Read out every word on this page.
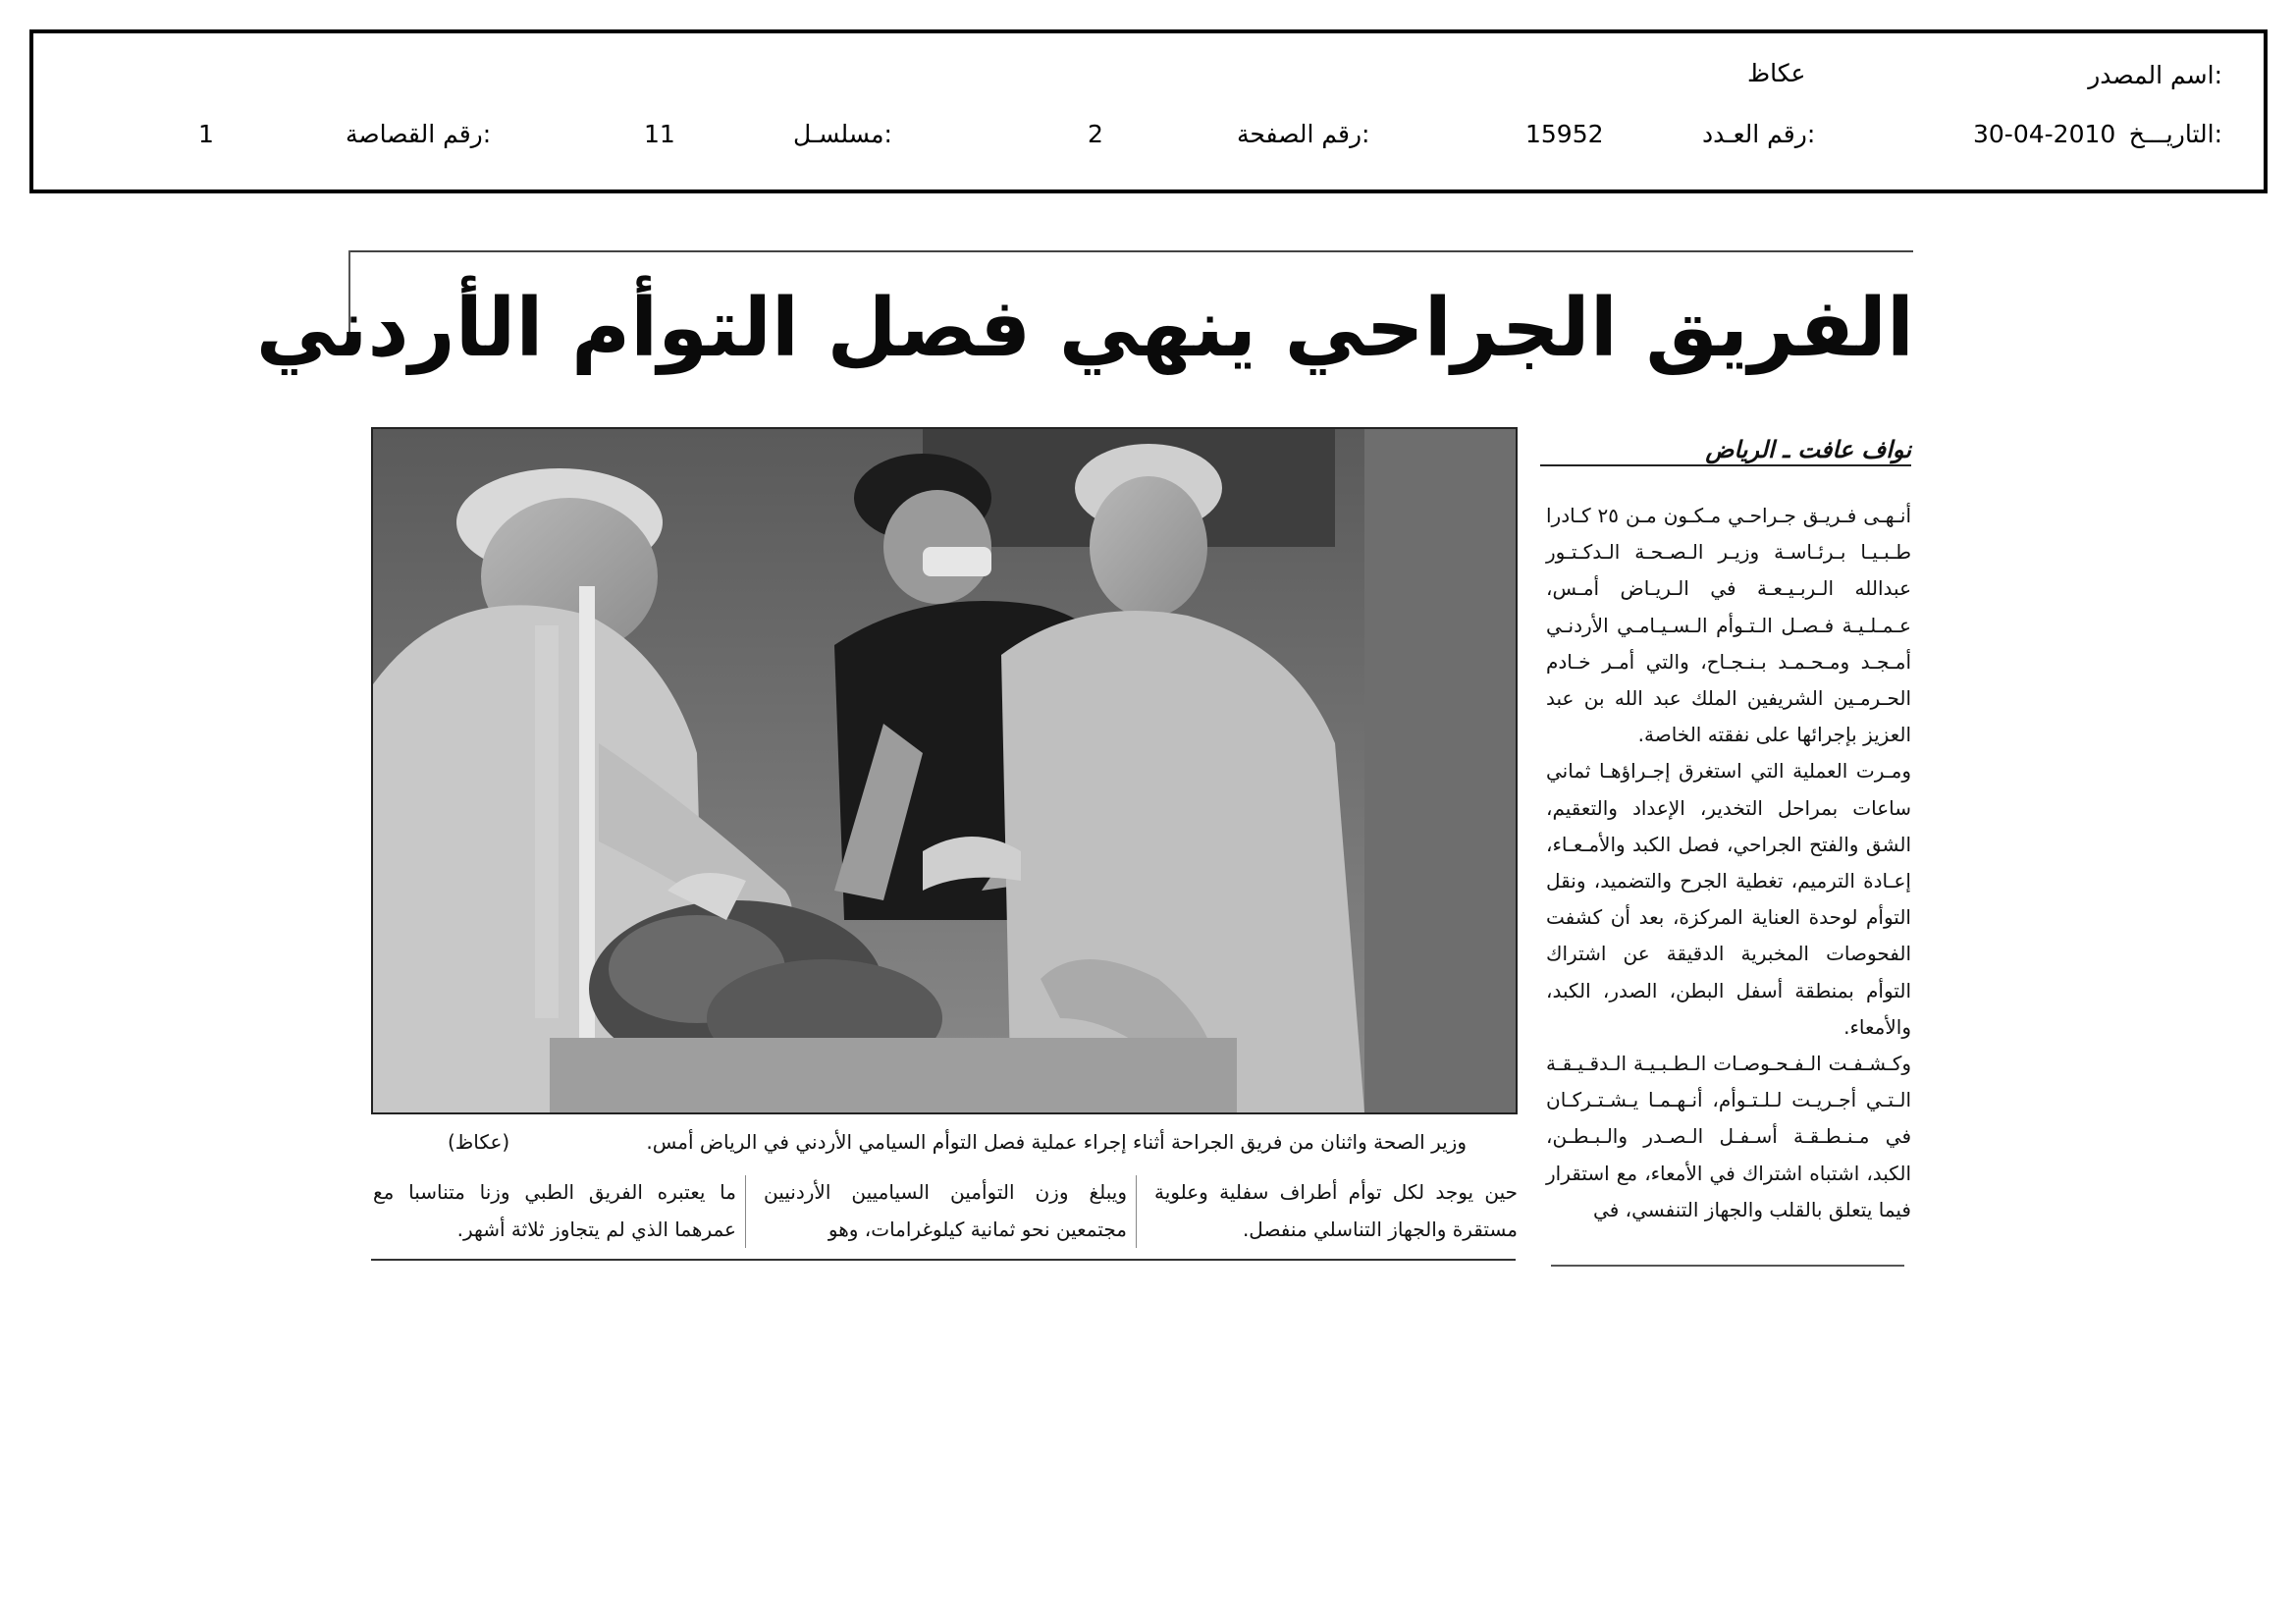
اسم المصدر:
عكاظ
التاريـــخ:
30-04-2010
رقم العـدد:
15952
رقم الصفحة:
2
مسلسـل:
11
رقم القصاصة:
1
الفريق الجراحي ينهي فصل التوأم الأردني
وزير الصحة واثنان من فريق الجراحة أثناء إجراء عملية فصل التوأم السيامي الأردني في الرياض أمس.
(عكاظ)
نواف عافت ـ الرياض

أنـهـى فـريـق جـراحـي مـكـون مـن ٢٥ كـادرا طـبـيـا بـرئـاسـة وزيـر الـصـحـة الـدكـتـور عبدالله الـربـيـعـة في الـريـاض أمـس، عـمـلـيـة فـصـل الـتـوأم الـسـيـامـي الأردنـي أمـجـد ومـحـمـد بـنـجـاح، والتي أمـر خـادم الحـرمـين الشريفين الملك عبد الله بن عبد العزيز بإجرائها على نفقته الخاصة.

ومـرت العملية التي استغرق إجـراؤهـا ثماني ساعات بمراحل التخدير، الإعداد والتعقيم، الشق والفتح الجراحي، فصل الكبد والأمـعـاء، إعـادة الترميم، تغطية الجرح والتضميد، ونقل التوأم لوحدة العناية المركزة، بعد أن كشفت الفحوصات المخبرية الدقيقة عن اشتراك التوأم بمنطقة أسفل البطن، الصدر، الكبد، والأمعاء.

وكـشـفـت الـفـحـوصـات الـطـبـيـة الـدقـيـقـة الـتـي أجـريـت لـلـتـوأم، أنـهـمـا يـشـتـركـان في مـنـطـقـة أسـفـل الـصـدر والـبـطـن، الكبد، اشتباه اشتراك في الأمعاء، مع استقرار فيما يتعلق بالقلب والجهاز التنفسي، في

حين يوجد لكل توأم أطراف سفلية وعلوية مستقرة والجهاز التناسلي منفصل.
ويبلغ وزن التوأمين السياميين الأردنيين مجتمعين نحو ثمانية كيلوغرامات، وهو
ما يعتبره الفريق الطبي وزنا متناسبا مع عمرهما الذي لم يتجاوز ثلاثة أشهر.
